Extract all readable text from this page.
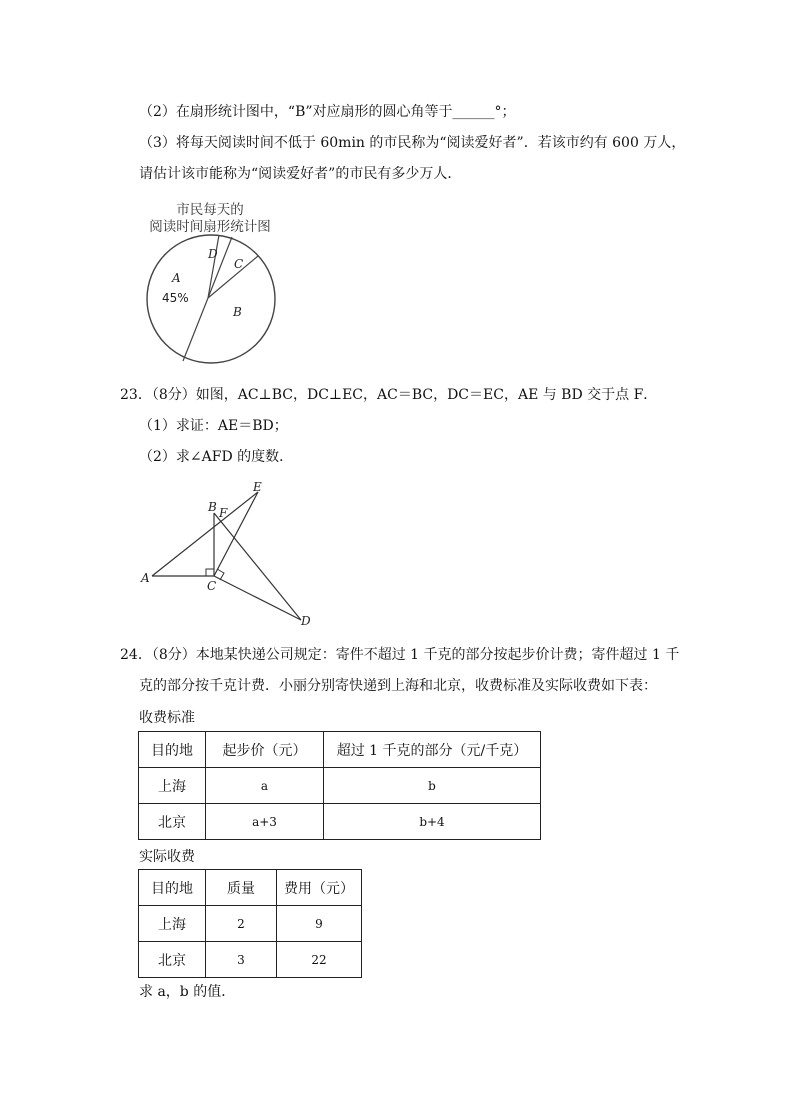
（2）在扇形统计图中，“B”对应扇形的圆心角等于______°；
（3）将每天阅读时间不低于 60min 的市民称为“阅读爱好者”．若该市约有 600 万人，
请估计该市能称为“阅读爱好者”的市民有多少万人．
市民每天的
阅读时间扇形统计图
A
45%
B
C
D
23．（8分）如图，AC⊥BC，DC⊥EC，AC＝BC，DC＝EC，AE 与 BD 交于点 F．
（1）求证：AE＝BD；
（2）求∠AFD 的度数．
A
B
C
D
E
F
24．（8分）本地某快递公司规定：寄件不超过 1 千克的部分按起步价计费；寄件超过 1 千
克的部分按千克计费．小丽分别寄快递到上海和北京，收费标准及实际收费如下表：
收费标准
目的地	起步价（元）	超过 1 千克的部分（元/千克）
上海	a	b
北京	a+3	b+4
实际收费
目的地	质量	费用（元）
上海	2	9
北京	3	22
求 a，b 的值．
